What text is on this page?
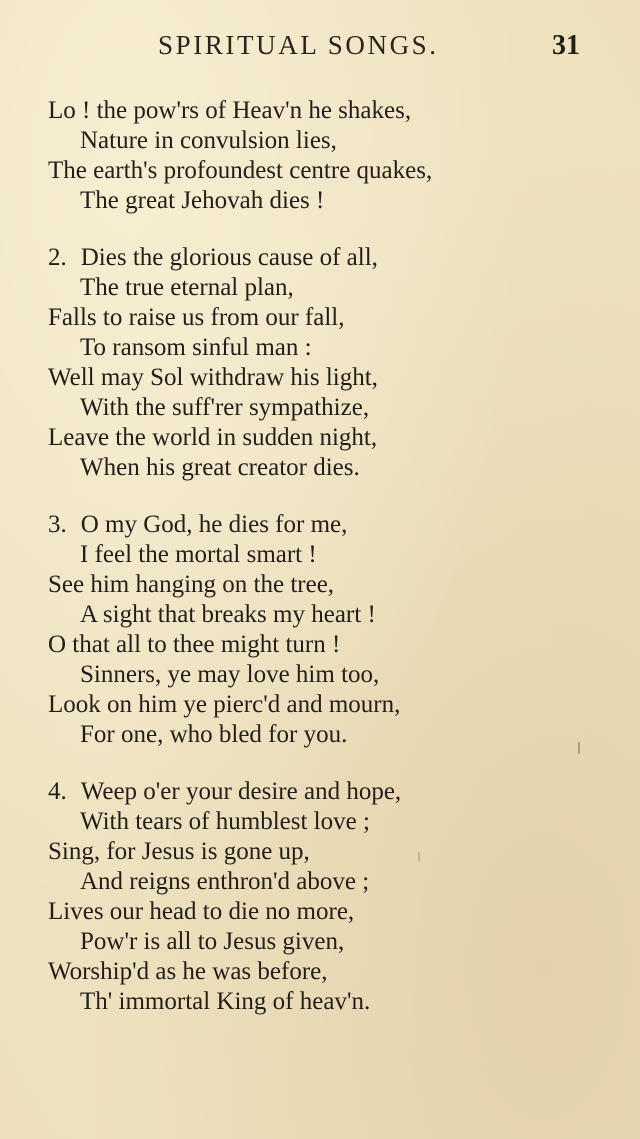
SPIRITUAL SONGS.	31
Lo ! the pow'rs of Heav'n he shakes,
Nature in convulsion lies,
The earth's profoundest centre quakes,
The great Jehovah dies !
2. Dies the glorious cause of all,
The true eternal plan,
Falls to raise us from our fall,
To ransom sinful man :
Well may Sol withdraw his light,
With the suff'rer sympathize,
Leave the world in sudden night,
When his great creator dies.
3. O my God, he dies for me,
I feel the mortal smart !
See him hanging on the tree,
A sight that breaks my heart !
O that all to thee might turn !
Sinners, ye may love him too,
Look on him ye pierc'd and mourn,
For one, who bled for you.
4. Weep o'er your desire and hope,
With tears of humblest love ;
Sing, for Jesus is gone up,
And reigns enthron'd above ;
Lives our head to die no more,
Pow'r is all to Jesus given,
Worship'd as he was before,
Th' immortal King of heav'n.
